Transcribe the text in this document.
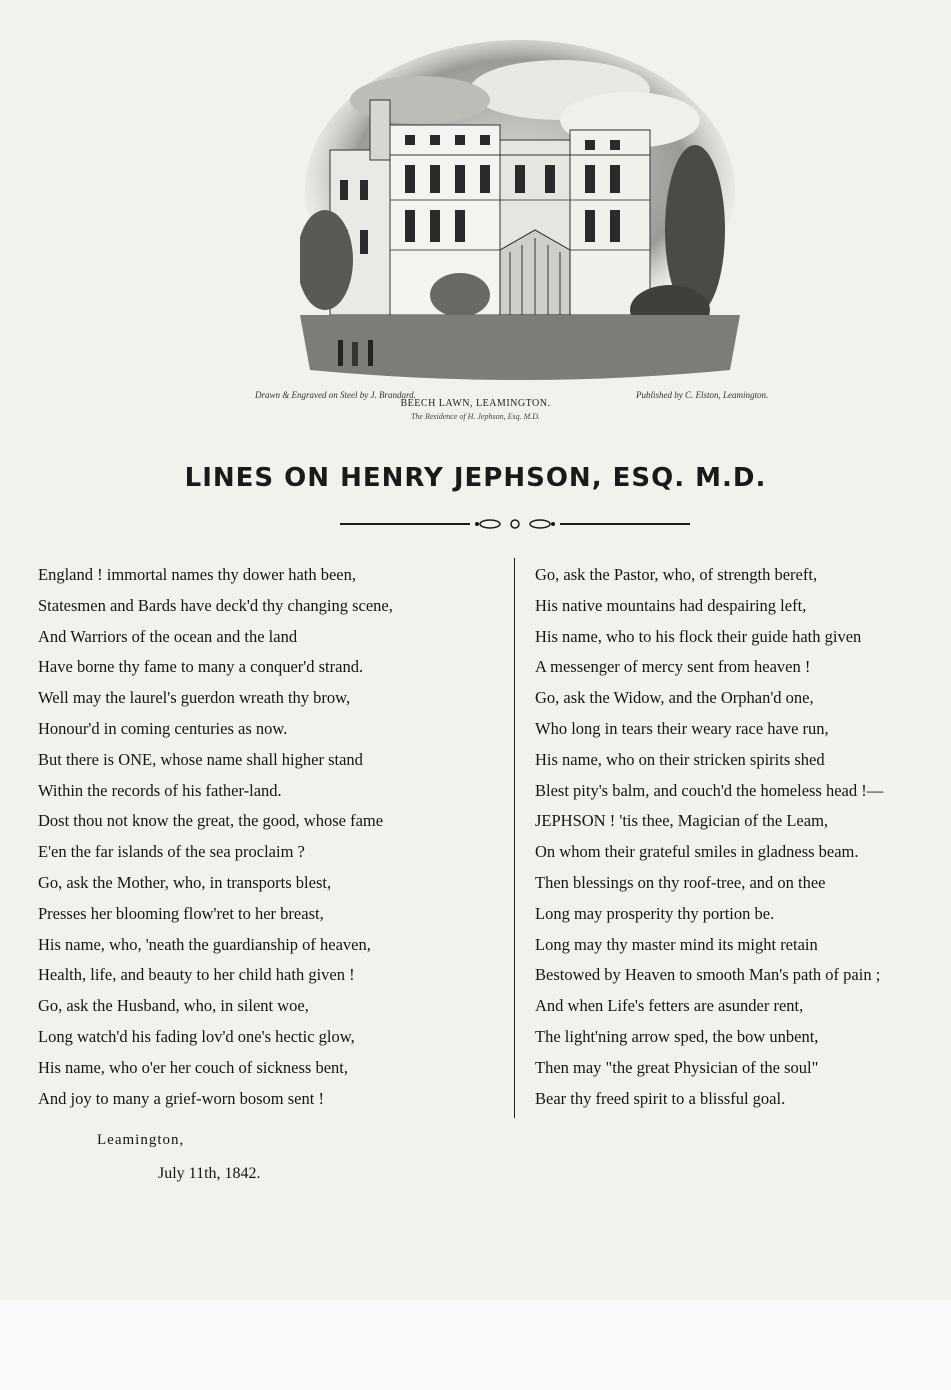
Drawn & Engraved on Steel by J. Brandard.	Published by C. Elston, Leamington.
BEECH LAWN, LEAMINGTON.
The Residence of H. Jephson, Esq. M.D.
LINES ON HENRY JEPHSON, ESQ. M.D.
England ! immortal names thy dower hath been,
Statesmen and Bards have deck'd thy changing scene,
And Warriors of the ocean and the land
Have borne thy fame to many a conquer'd strand.
Well may the laurel's guerdon wreath thy brow,
Honour'd in coming centuries as now.
But there is ONE, whose name shall higher stand
Within the records of his father-land.
Dost thou not know the great, the good, whose fame
E'en the far islands of the sea proclaim ?
Go, ask the Mother, who, in transports blest,
Presses her blooming flow'ret to her breast,
His name, who, 'neath the guardianship of heaven,
Health, life, and beauty to her child hath given !
Go, ask the Husband, who, in silent woe,
Long watch'd his fading lov'd one's hectic glow,
His name, who o'er her couch of sickness bent,
And joy to many a grief-worn bosom sent !
Go, ask the Pastor, who, of strength bereft,
His native mountains had despairing left,
His name, who to his flock their guide hath given
A messenger of mercy sent from heaven !
Go, ask the Widow, and the Orphan'd one,
Who long in tears their weary race have run,
His name, who on their stricken spirits shed
Blest pity's balm, and couch'd the homeless head !—
JEPHSON ! 'tis thee, Magician of the Leam,
On whom their grateful smiles in gladness beam.
Then blessings on thy roof-tree, and on thee
Long may prosperity thy portion be.
Long may thy master mind its might retain
Bestowed by Heaven to smooth Man's path of pain ;
And when Life's fetters are asunder rent,
The light'ning arrow sped, the bow unbent,
Then may "the great Physician of the soul"
Bear thy freed spirit to a blissful goal.
Leamington,
July 11th, 1842.
